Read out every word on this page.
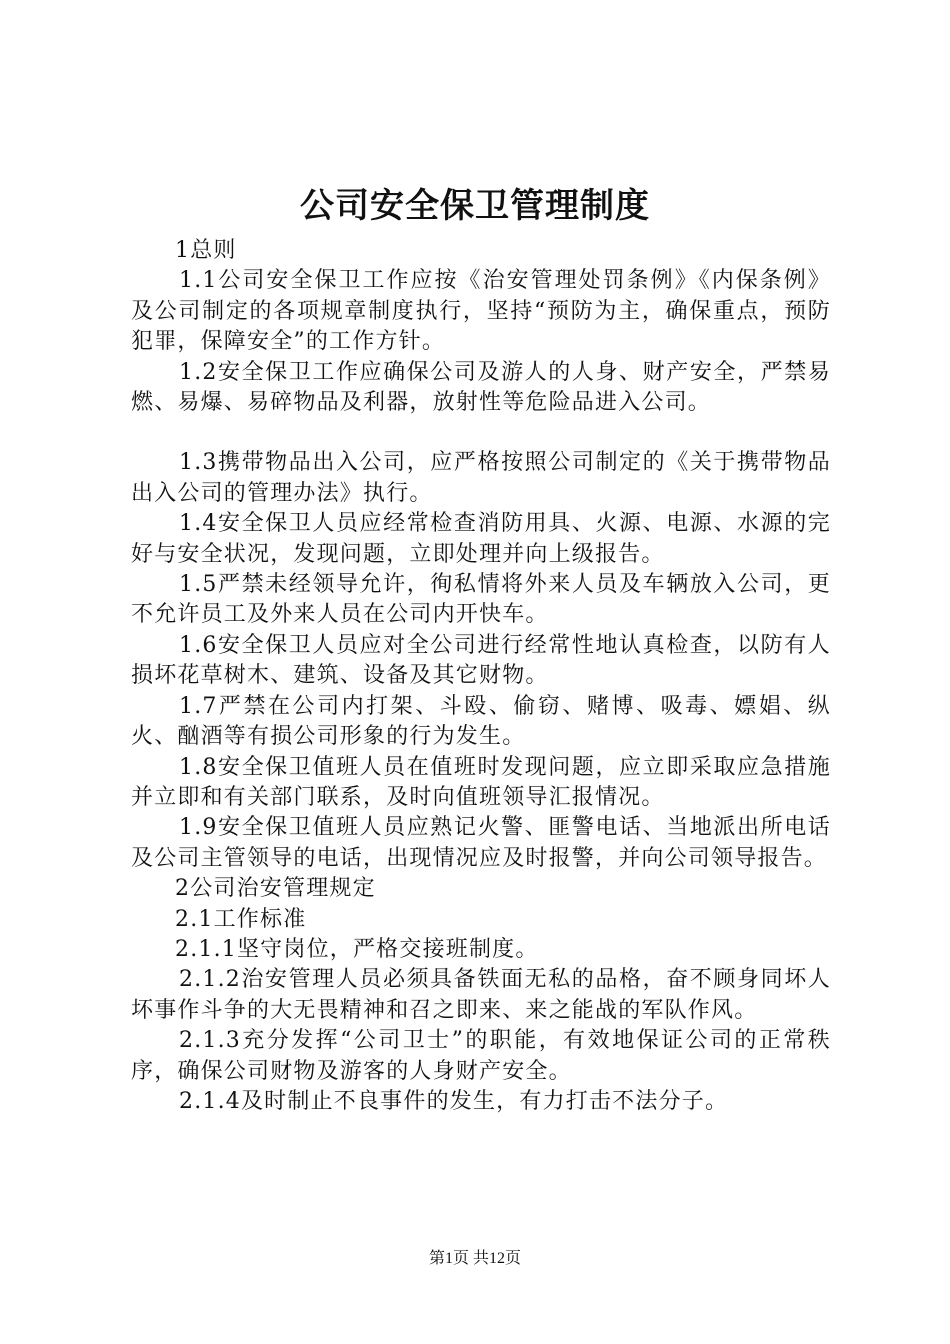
公司安全保卫管理制度

1总则

1.1公司安全保卫工作应按《治安管理处罚条例》《内保条例》及公司制定的各项规章制度执行，坚持“预防为主，确保重点，预防犯罪，保障安全”的工作方针。

1.2安全保卫工作应确保公司及游人的人身、财产安全，严禁易燃、易爆、易碎物品及利器，放射性等危险品进入公司。

1.3携带物品出入公司，应严格按照公司制定的《关于携带物品出入公司的管理办法》执行。

1.4安全保卫人员应经常检查消防用具、火源、电源、水源的完好与安全状况，发现问题，立即处理并向上级报告。

1.5严禁未经领导允许，徇私情将外来人员及车辆放入公司，更不允许员工及外来人员在公司内开快车。

1.6安全保卫人员应对全公司进行经常性地认真检查，以防有人损坏花草树木、建筑、设备及其它财物。

1.7严禁在公司内打架、斗殴、偷窃、赌博、吸毒、嫖娼、纵火、酗酒等有损公司形象的行为发生。

1.8安全保卫值班人员在值班时发现问题，应立即采取应急措施并立即和有关部门联系，及时向值班领导汇报情况。

1.9安全保卫值班人员应熟记火警、匪警电话、当地派出所电话及公司主管领导的电话，出现情况应及时报警，并向公司领导报告。

2公司治安管理规定

2.1工作标准

2.1.1坚守岗位，严格交接班制度。

2.1.2治安管理人员必须具备铁面无私的品格，奋不顾身同坏人坏事作斗争的大无畏精神和召之即来、来之能战的军队作风。

2.1.3充分发挥“公司卫士”的职能，有效地保证公司的正常秩序，确保公司财物及游客的人身财产安全。

2.1.4及时制止不良事件的发生，有力打击不法分子。

第1页 共12页
